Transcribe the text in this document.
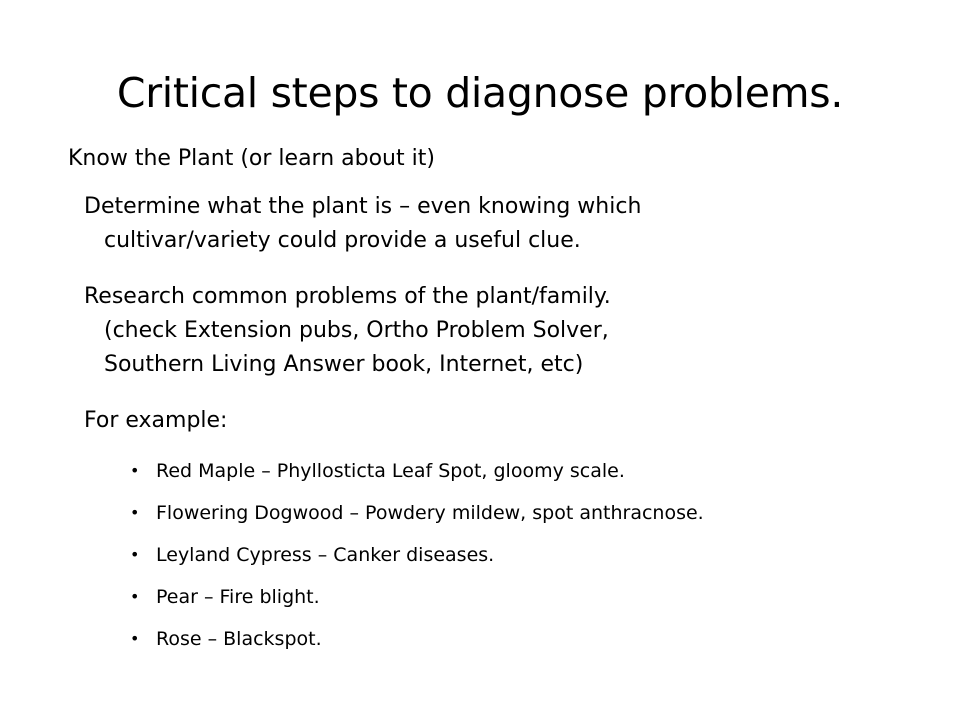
Critical steps to diagnose problems.
Know the Plant (or learn about it)
Determine what the plant is – even knowing which
cultivar/variety could provide a useful clue.
Research common problems of the plant/family.
(check Extension pubs, Ortho Problem Solver,
Southern Living Answer book, Internet, etc)
For example:
• Red Maple – Phyllosticta Leaf Spot, gloomy scale.
• Flowering Dogwood – Powdery mildew, spot anthracnose.
• Leyland Cypress – Canker diseases.
• Pear – Fire blight.
• Rose – Blackspot.
